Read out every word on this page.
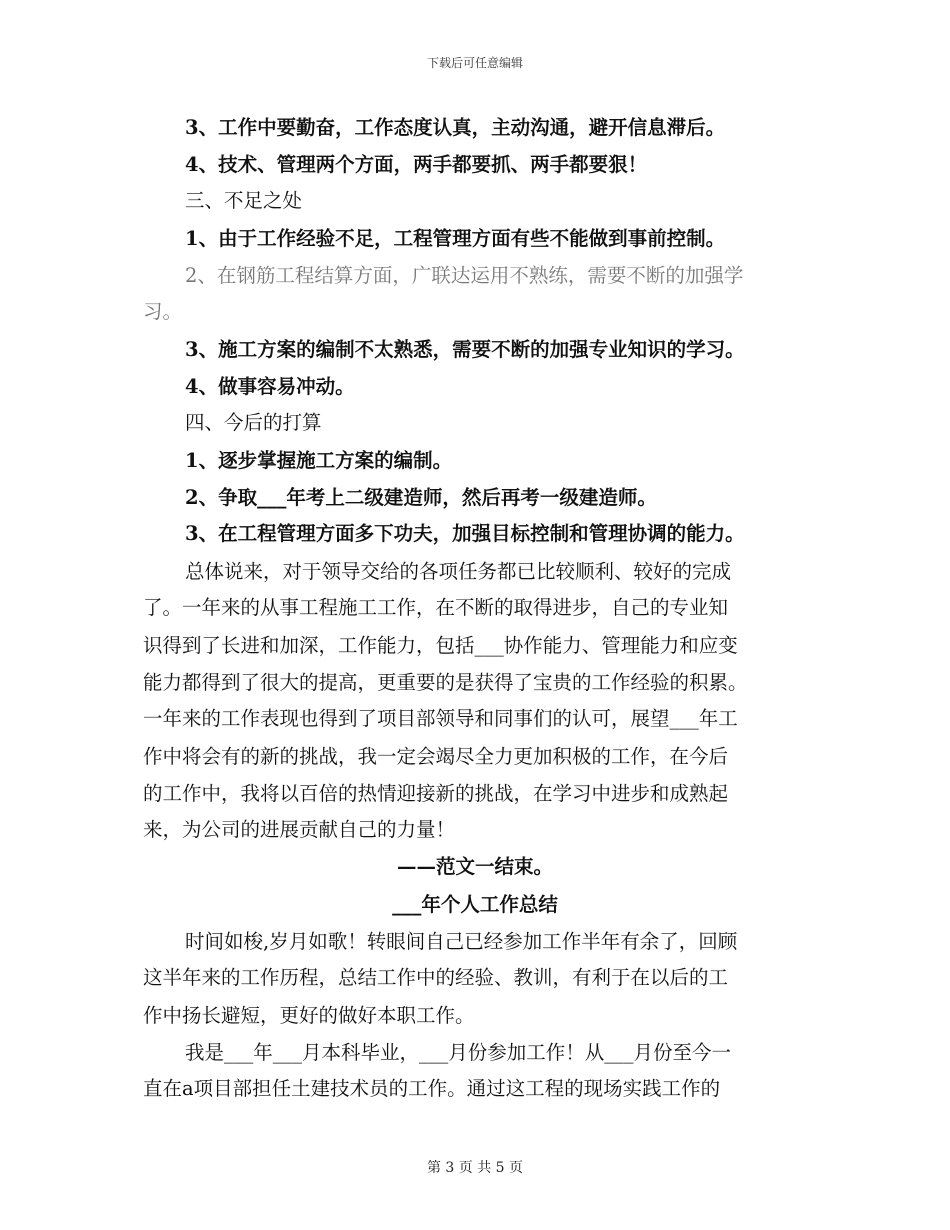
下载后可任意编辑
3、工作中要勤奋，工作态度认真，主动沟通，避开信息滞后。
4、技术、管理两个方面，两手都要抓、两手都要狠！
三、不足之处
1、由于工作经验不足，工程管理方面有些不能做到事前控制。
2、在钢筋工程结算方面，广联达运用不熟练，需要不断的加强学
习。
3、施工方案的编制不太熟悉，需要不断的加强专业知识的学习。
4、做事容易冲动。
四、今后的打算
1、逐步掌握施工方案的编制。
2、争取___年考上二级建造师，然后再考一级建造师。
3、在工程管理方面多下功夫，加强目标控制和管理协调的能力。
总体说来，对于领导交给的各项任务都已比较顺利、较好的完成
了。一年来的从事工程施工工作，在不断的取得进步，自己的专业知
识得到了长进和加深，工作能力，包括___协作能力、管理能力和应变
能力都得到了很大的提高，更重要的是获得了宝贵的工作经验的积累。
一年来的工作表现也得到了项目部领导和同事们的认可，展望___年工
作中将会有的新的挑战，我一定会竭尽全力更加积极的工作，在今后
的工作中，我将以百倍的热情迎接新的挑战，在学习中进步和成熟起
来，为公司的进展贡献自己的力量！
——范文一结束。
___年个人工作总结
时间如梭,岁月如歌！转眼间自己已经参加工作半年有余了，回顾
这半年来的工作历程，总结工作中的经验、教训，有利于在以后的工
作中扬长避短，更好的做好本职工作。
我是___年___月本科毕业，___月份参加工作！从___月份至今一
直在a项目部担任土建技术员的工作。通过这工程的现场实践工作的
第 3 页 共 5 页
